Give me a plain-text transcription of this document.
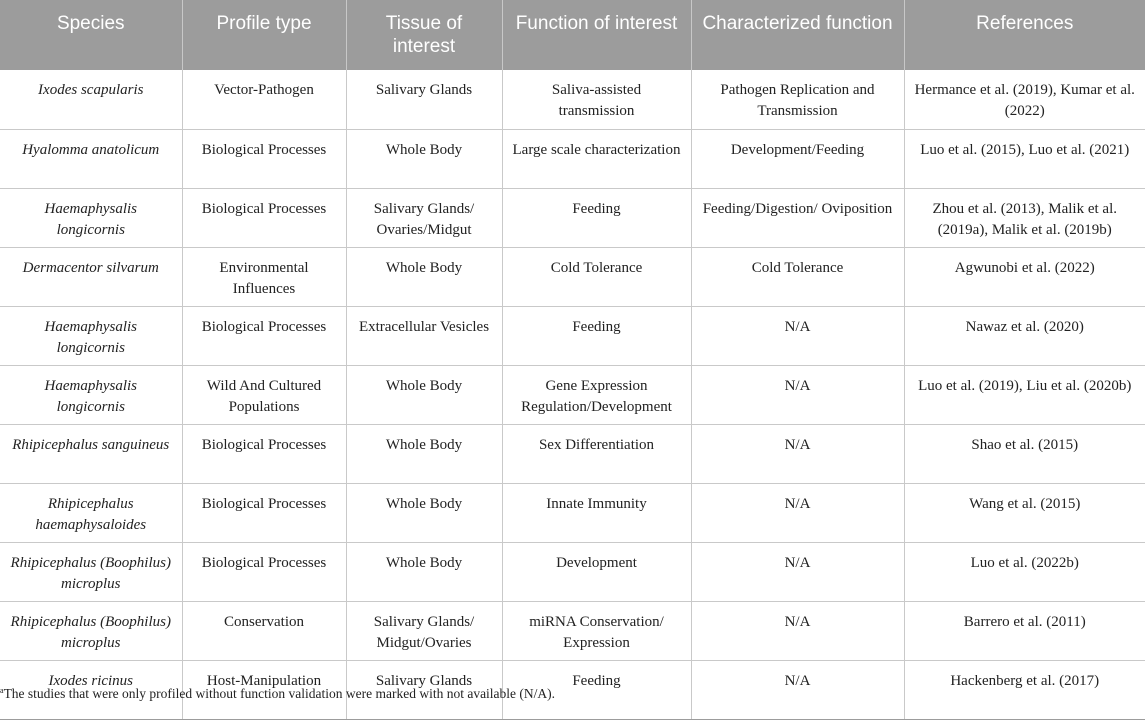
Species	Profile type	Tissue of interest	Function of interest	Characterized function	References

Ixodes scapularis	Vector-Pathogen	Salivary Glands	Saliva-assisted transmission	Pathogen Replication and Transmission	Hermance et al. (2019), Kumar et al. (2022)
Hyalomma anatolicum	Biological Processes	Whole Body	Large scale characterization	Development/Feeding	Luo et al. (2015), Luo et al. (2021)
Haemaphysalis longicornis	Biological Processes	Salivary Glands/ Ovaries/Midgut	Feeding	Feeding/Digestion/ Oviposition	Zhou et al. (2013), Malik et al. (2019a), Malik et al. (2019b)
Dermacentor silvarum	Environmental Influences	Whole Body	Cold Tolerance	Cold Tolerance	Agwunobi et al. (2022)
Haemaphysalis longicornis	Biological Processes	Extracellular Vesicles	Feeding	N/A	Nawaz et al. (2020)
Haemaphysalis longicornis	Wild And Cultured Populations	Whole Body	Gene Expression Regulation/Development	N/A	Luo et al. (2019), Liu et al. (2020b)
Rhipicephalus sanguineus	Biological Processes	Whole Body	Sex Differentiation	N/A	Shao et al. (2015)
Rhipicephalus haemaphysaloides	Biological Processes	Whole Body	Innate Immunity	N/A	Wang et al. (2015)
Rhipicephalus (Boophilus) microplus	Biological Processes	Whole Body	Development	N/A	Luo et al. (2022b)
Rhipicephalus (Boophilus) microplus	Conservation	Salivary Glands/ Midgut/Ovaries	miRNA Conservation/ Expression	N/A	Barrero et al. (2011)
Ixodes ricinus	Host-Manipulation	Salivary Glands	Feeding	N/A	Hackenberg et al. (2017)
$^a$The studies that were only profiled without function validation were marked with not available (N/A).
